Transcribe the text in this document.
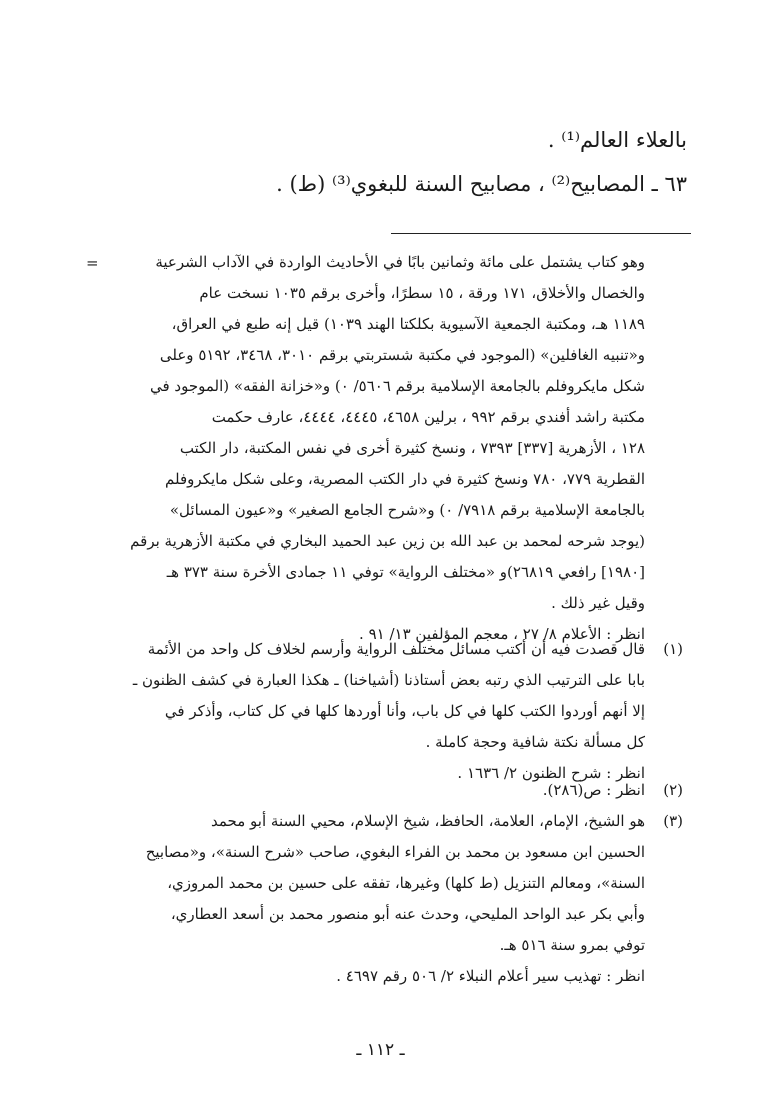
بالعلاء العالم⁽¹⁾ .
٦٣ ـ المصابيح⁽²⁾ ، مصابيح السنة للبغوي⁽³⁾ (ط) .
=	وهو كتاب يشتمل على مائة وثمانين بابًا في الأحاديث الواردة في الآداب الشرعية
والخصال والأخلاق، ١٧١ ورقة ، ١٥ سطرًا، وأخرى برقم ١٠٣٥ نسخت عام
١١٨٩ هـ، ومكتبة الجمعية الآسيوية بكلكتا الهند ١٠٣٩) قيل إنه طبع في العراق،
و«تنبيه الغافلين» (الموجود في مكتبة شستربتي برقم ٣٠١٠، ٣٤٦٨، ٥١٩٢ وعلى
شكل مايكروفلم بالجامعة الإسلامية برقم ٥٦٠٦/ ٠) و«خزانة الفقه» (الموجود في
مكتبة راشد أفندي برقم ٩٩٢ ، برلين ٤٦٥٨، ٤٤٤٥، ٤٤٤٤، عارف حكمت
١٢٨ ، الأزهرية [٣٣٧] ٧٣٩٣ ، ونسخ كثيرة أخرى في نفس المكتبة، دار الكتب
القطرية ٧٧٩، ٧٨٠ ونسخ كثيرة في دار الكتب المصرية، وعلى شكل مايكروفلم
بالجامعة الإسلامية برقم ٧٩١٨/ ٠) و«شرح الجامع الصغير» و«عيون المسائل»
(يوجد شرحه لمحمد بن عبد الله بن زين عبد الحميد البخاري في مكتبة الأزهرية برقم
[١٩٨٠] رافعي ٢٦٨١٩)و «مختلف الرواية» توفي ١١ جمادى الأخرة سنة ٣٧٣ هـ
وقيل غير ذلك .
انظر : الأعلام ٨/ ٢٧ ، معجم المؤلفين ١٣/ ٩١ .
(١)قال قصدت فيه أن أكتب مسائل مختلف الرواية وأرسم لخلاف كل واحد من الأئمة
بابا على الترتيب الذي رتبه بعض أستاذنا (أشياخنا) ـ هكذا العبارة في كشف الظنون ـ
إلا أنهم أوردوا الكتب كلها في كل باب، وأنا أوردها كلها في كل كتاب، وأذكر في
كل مسألة نكتة شافية وحجة كاملة .
انظر : شرح الظنون ٢/ ١٦٣٦ .
(٢)انظر : ص(٢٨٦).
(٣)هو الشيخ، الإمام، العلامة، الحافظ، شيخ الإسلام، محيي السنة أبو محمد
الحسين ابن مسعود بن محمد بن الفراء البغوي، صاحب «شرح السنة»، و«مصابيح
السنة»، ومعالم التنزيل (ط كلها) وغيرها، تفقه على حسين بن محمد المروزي،
وأبي بكر عبد الواحد المليحي، وحدث عنه أبو منصور محمد بن أسعد العطاري،
توفي بمرو سنة ٥١٦ هـ.
انظر : تهذيب سير أعلام النبلاء ٢/ ٥٠٦ رقم ٤٦٩٧ .
ـ ١١٢ ـ
